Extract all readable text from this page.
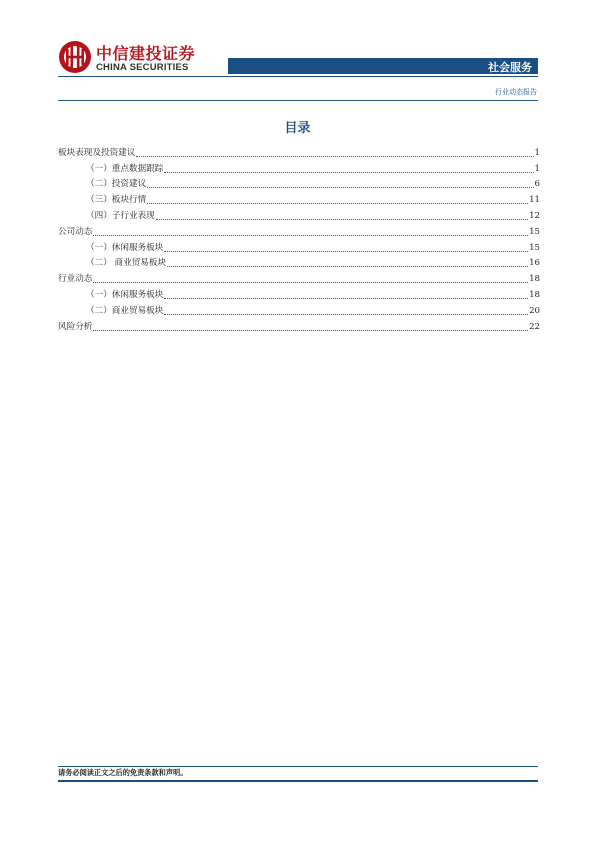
中信建投证券
CHINA SECURITIES	社会服务
行业动态报告
目录
板块表现及投资建议	1
（一）重点数据跟踪	1
（二）投资建议	6
（三）板块行情	11
（四）子行业表现	12
公司动态	15
（一）休闲服务板块	15
（二） 商业贸易板块	16
行业动态	18
（一）休闲服务板块	18
（二）商业贸易板块	20
风险分析	22
请务必阅读正文之后的免责条款和声明。
